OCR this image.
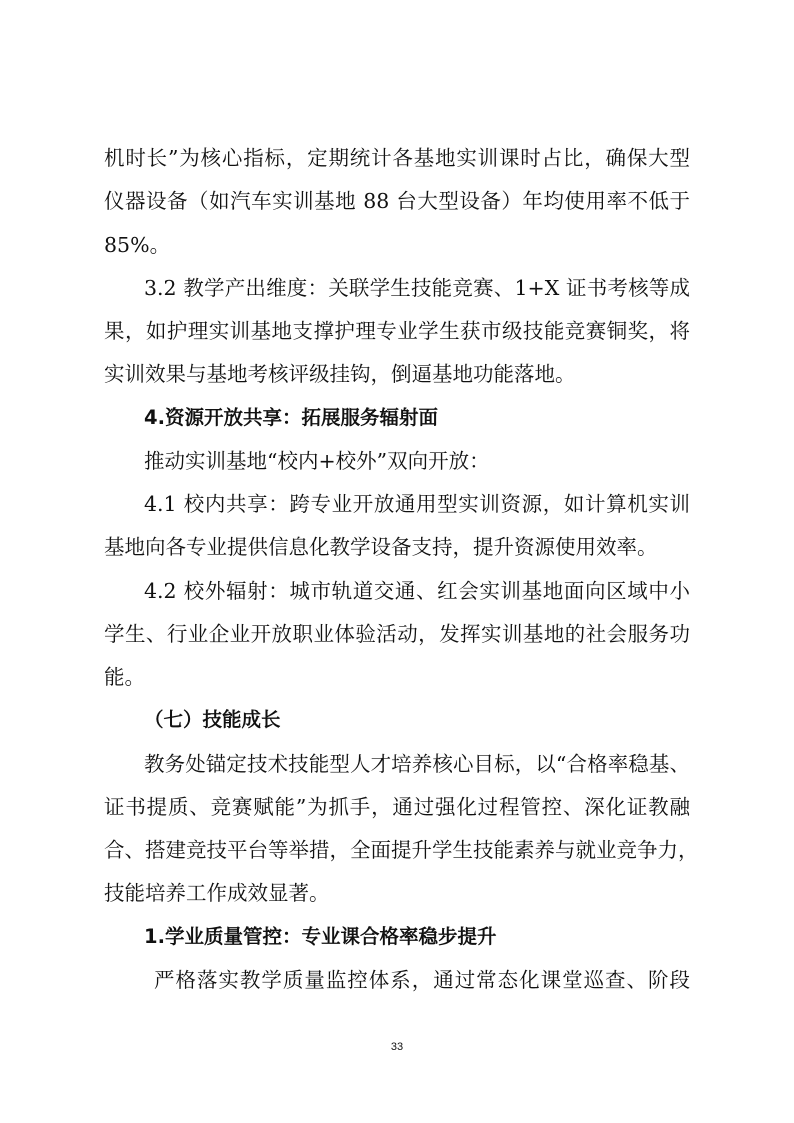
机时长”为核心指标，定期统计各基地实训课时占比，确保大型

仪器设备（如汽车实训基地 88 台大型设备）年均使用率不低于

85%。

3.2 教学产出维度：关联学生技能竞赛、1+X 证书考核等成

果，如护理实训基地支撑护理专业学生获市级技能竞赛铜奖，将

实训效果与基地考核评级挂钩，倒逼基地功能落地。

4.资源开放共享：拓展服务辐射面

推动实训基地“校内+校外”双向开放：

4.1 校内共享：跨专业开放通用型实训资源，如计算机实训

基地向各专业提供信息化教学设备支持，提升资源使用效率。

4.2 校外辐射：城市轨道交通、红会实训基地面向区域中小

学生、行业企业开放职业体验活动，发挥实训基地的社会服务功

能。

（七）技能成长

教务处锚定技术技能型人才培养核心目标，以“合格率稳基、

证书提质、竞赛赋能”为抓手，通过强化过程管控、深化证教融

合、搭建竞技平台等举措，全面提升学生技能素养与就业竞争力，

技能培养工作成效显著。

1.学业质量管控：专业课合格率稳步提升

严格落实教学质量监控体系，通过常态化课堂巡查、阶段

33
